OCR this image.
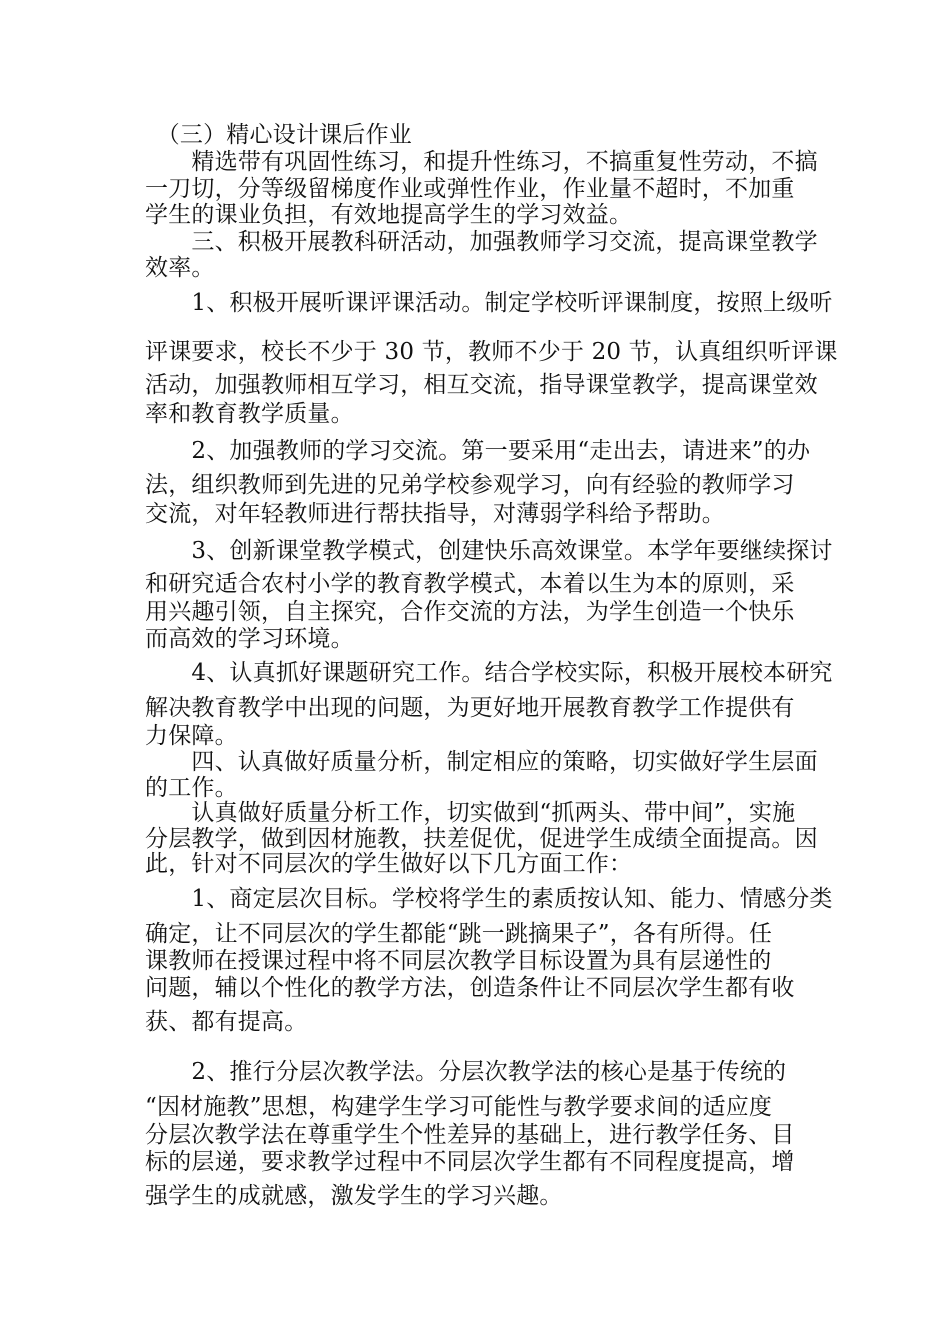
　（三）精心设计课后作业
　　精选带有巩固性练习，和提升性练习，不搞重复性劳动，不搞
一刀切，分等级留梯度作业或弹性作业，作业量不超时，不加重
学生的课业负担，有效地提高学生的学习效益。
　　三、积极开展教科研活动，加强教师学习交流，提高课堂教学
效率。
　　1、积极开展听课评课活动。制定学校听评课制度，按照上级听
评课要求，校长不少于 30 节，教师不少于 20 节，认真组织听评课
活动，加强教师相互学习，相互交流，指导课堂教学，提高课堂效
率和教育教学质量。
　　2、加强教师的学习交流。第一要采用“走出去，请进来”的办
法，组织教师到先进的兄弟学校参观学习，向有经验的教师学习
交流，对年轻教师进行帮扶指导，对薄弱学科给予帮助。
　　3、创新课堂教学模式，创建快乐高效课堂。本学年要继续探讨
和研究适合农村小学的教育教学模式，本着以生为本的原则，采
用兴趣引领，自主探究，合作交流的方法，为学生创造一个快乐
而高效的学习环境。
　　4、认真抓好课题研究工作。结合学校实际，积极开展校本研究
解决教育教学中出现的问题，为更好地开展教育教学工作提供有
力保障。
　　四、认真做好质量分析，制定相应的策略，切实做好学生层面
的工作。
　　认真做好质量分析工作，切实做到“抓两头、带中间”，实施
分层教学，做到因材施教，扶差促优，促进学生成绩全面提高。因
此，针对不同层次的学生做好以下几方面工作：
　　1、商定层次目标。学校将学生的素质按认知、能力、情感分类
确定，让不同层次的学生都能“跳一跳摘果子”，各有所得。任
课教师在授课过程中将不同层次教学目标设置为具有层递性的
问题，辅以个性化的教学方法，创造条件让不同层次学生都有收
获、都有提高。
　　2、推行分层次教学法。分层次教学法的核心是基于传统的
“因材施教”思想，构建学生学习可能性与教学要求间的适应度
分层次教学法在尊重学生个性差异的基础上，进行教学任务、目
标的层递，要求教学过程中不同层次学生都有不同程度提高，增
强学生的成就感，激发学生的学习兴趣。
